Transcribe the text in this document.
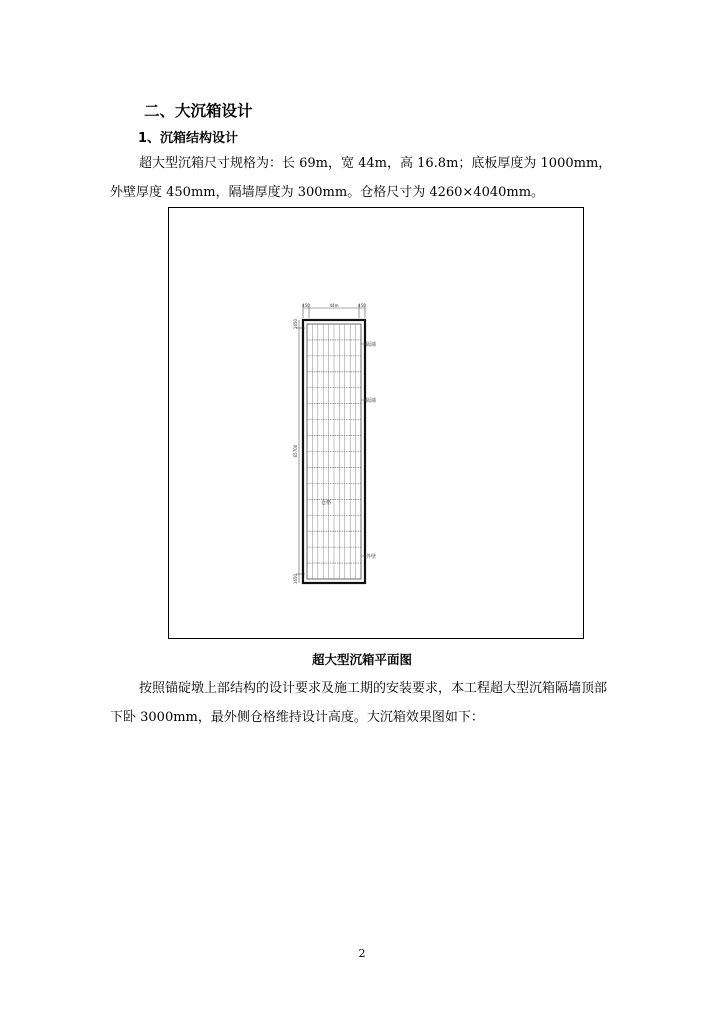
二、大沉箱设计
1、沉箱结构设计

超大型沉箱尺寸规格为：长 69m，宽 44m，高 16.8m；底板厚度为 1000mm，外壁厚度 450mm，隔墙厚度为 300mm。仓格尺寸为 4260×4040mm。

450	44m	450
1650
65700
1650
隔墙
隔墙
仓格
外壁
超大型沉箱平面图

按照锚碇墩上部结构的设计要求及施工期的安装要求，本工程超大型沉箱隔墙顶部下卧 3000mm，最外侧仓格维持设计高度。大沉箱效果图如下：

2
